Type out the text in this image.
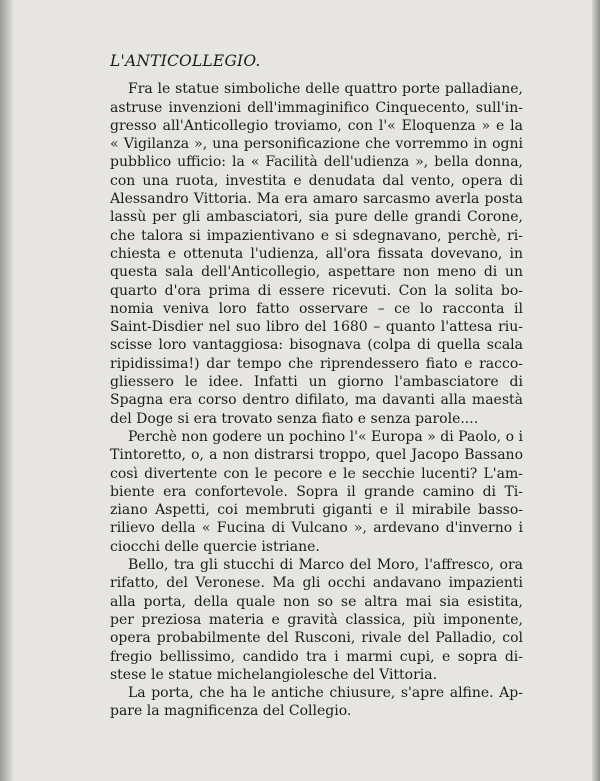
L'ANTICOLLEGIO.

Fra le statue simboliche delle quattro porte palladiane,
astruse invenzioni dell'immaginifico Cinquecento, sull'in-
gresso all'Anticollegio troviamo, con l'« Eloquenza » e la
« Vigilanza », una personificazione che vorremmo in ogni
pubblico ufficio: la « Facilità dell'udienza », bella donna,
con una ruota, investita e denudata dal vento, opera di
Alessandro Vittoria. Ma era amaro sarcasmo averla posta
lassù per gli ambasciatori, sia pure delle grandi Corone,
che talora si impazientivano e si sdegnavano, perchè, ri-
chiesta e ottenuta l'udienza, all'ora fissata dovevano, in
questa sala dell'Anticollegio, aspettare non meno di un
quarto d'ora prima di essere ricevuti. Con la solita bo-
nomia veniva loro fatto osservare – ce lo racconta il
Saint-Disdier nel suo libro del 1680 – quanto l'attesa riu-
scisse loro vantaggiosa: bisognava (colpa di quella scala
ripidissima!) dar tempo che riprendessero fiato e racco-
gliessero le idee. Infatti un giorno l'ambasciatore di
Spagna era corso dentro difilato, ma davanti alla maestà
del Doge si era trovato senza fiato e senza parole....

Perchè non godere un pochino l'« Europa » di Paolo, o i
Tintoretto, o, a non distrarsi troppo, quel Jacopo Bassano
così divertente con le pecore e le secchie lucenti? L'am-
biente era confortevole. Sopra il grande camino di Ti-
ziano Aspetti, coi membruti giganti e il mirabile basso-
rilievo della « Fucina di Vulcano », ardevano d'inverno i
ciocchi delle quercie istriane.

Bello, tra gli stucchi di Marco del Moro, l'affresco, ora
rifatto, del Veronese. Ma gli occhi andavano impazienti
alla porta, della quale non so se altra mai sia esistita,
per preziosa materia e gravità classica, più imponente,
opera probabilmente del Rusconi, rivale del Palladio, col
fregio bellissimo, candido tra i marmi cupi, e sopra di-
stese le statue michelangiolesche del Vittoria.

La porta, che ha le antiche chiusure, s'apre alfine. Ap-
pare la magnificenza del Collegio.
